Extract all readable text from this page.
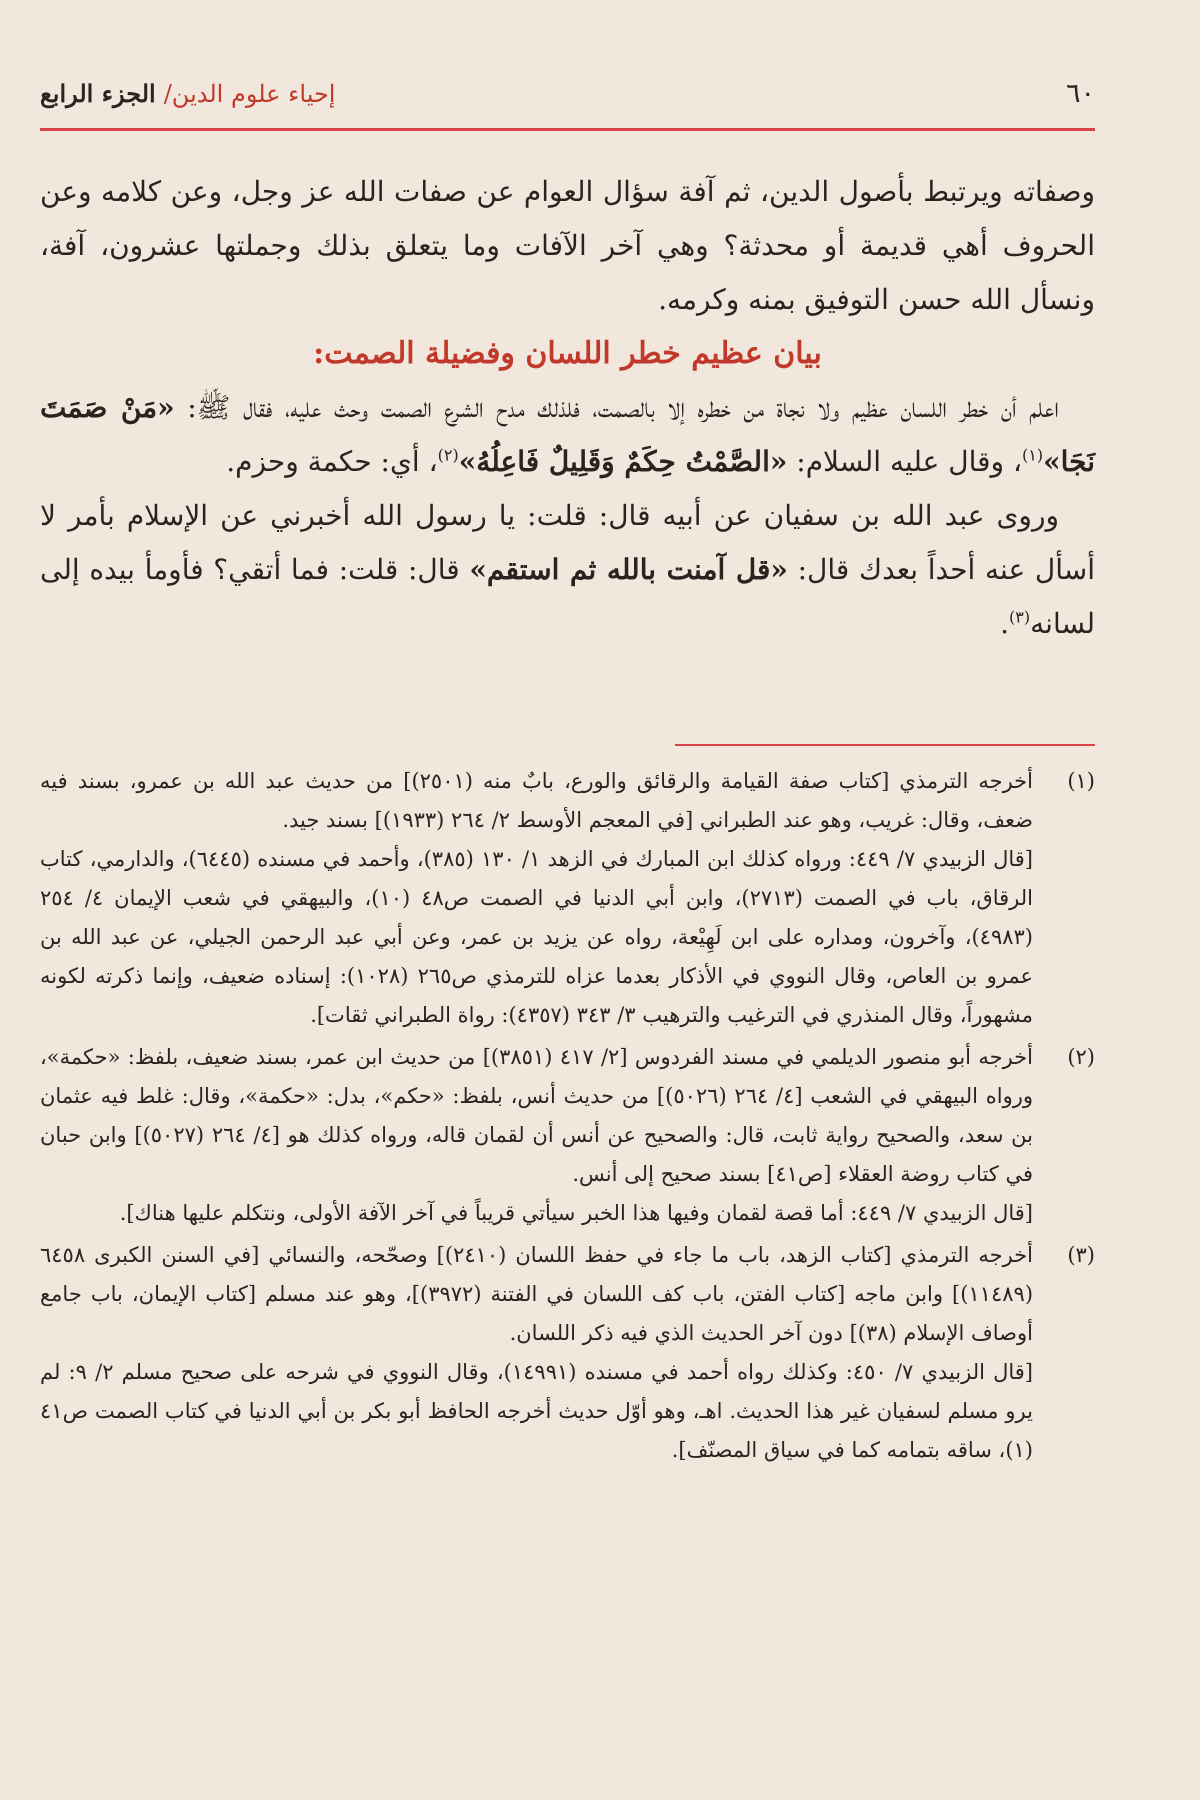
٦٠
إحياء علوم الدين/الجزء الرابع

وصفاته ويرتبط بأصول الدين، ثم آفة سؤال العوام عن صفات الله عز وجل، وعن كلامه وعن الحروف أهي قديمة أو محدثة؟ وهي آخر الآفات وما يتعلق بذلك وجملتها عشرون، آفة، ونسأل الله حسن التوفيق بمنه وكرمه.

بيان عظيم خطر اللسان وفضيلة الصمت:

اعلم أن خطر اللسان عظيم ولا نجاة من خطره إلا بالصمت، فلذلك مدح الشرع الصمت وحث عليه، فقال ﷺ: «مَنْ صَمَتَ نَجَا»$^{(١)}$، وقال عليه السلام: «الصَّمْتُ حِكَمٌ وَقَلِيلٌ فَاعِلُهُ»$^{(٢)}$، أي: حكمة وحزم.

وروى عبد الله بن سفيان عن أبيه قال: قلت: يا رسول الله أخبرني عن الإسلام بأمر لا أسأل عنه أحداً بعدك قال: «قل آمنت بالله ثم استقم» قال: قلت: فما أتقي؟ فأومأ بيده إلى لسانه$^{(٣)}$.

(١)

أخرجه الترمذي [كتاب صفة القيامة والرقائق والورع، بابٌ منه (٢٥٠١)] من حديث عبد الله بن عمرو، بسند فيه ضعف، وقال: غريب، وهو عند الطبراني [في المعجم الأوسط ٢/ ٢٦٤ (١٩٣٣)] بسند جيد.

[قال الزبيدي ٧/ ٤٤٩: ورواه كذلك ابن المبارك في الزهد ١/ ١٣٠ (٣٨٥)، وأحمد في مسنده (٦٤٤٥)، والدارمي، كتاب الرقاق، باب في الصمت (٢٧١٣)، وابن أبي الدنيا في الصمت ص٤٨ (١٠)، والبيهقي في شعب الإيمان ٤/ ٢٥٤ (٤٩٨٣)، وآخرون، ومداره على ابن لَهِيْعة، رواه عن يزيد بن عمر، وعن أبي عبد الرحمن الجيلي، عن عبد الله بن عمرو بن العاص، وقال النووي في الأذكار بعدما عزاه للترمذي ص٢٦٥ (١٠٢٨): إسناده ضعيف، وإنما ذكرته لكونه مشهوراً، وقال المنذري في الترغيب والترهيب ٣/ ٣٤٣ (٤٣٥٧): رواة الطبراني ثقات].

(٢)

أخرجه أبو منصور الديلمي في مسند الفردوس [٢/ ٤١٧ (٣٨٥١)] من حديث ابن عمر، بسند ضعيف، بلفظ: «حكمة»، ورواه البيهقي في الشعب [٤/ ٢٦٤ (٥٠٢٦)] من حديث أنس، بلفظ: «حكم»، بدل: «حكمة»، وقال: غلط فيه عثمان بن سعد، والصحيح رواية ثابت، قال: والصحيح عن أنس أن لقمان قاله، ورواه كذلك هو [٤/ ٢٦٤ (٥٠٢٧)] وابن حبان في كتاب روضة العقلاء [ص٤١] بسند صحيح إلى أنس.

[قال الزبيدي ٧/ ٤٤٩: أما قصة لقمان وفيها هذا الخبر سيأتي قريباً في آخر الآفة الأولى، ونتكلم عليها هناك].

(٣)

أخرجه الترمذي [كتاب الزهد، باب ما جاء في حفظ اللسان (٢٤١٠)] وصحّحه، والنسائي [في السنن الكبرى ٦٤٥٨ (١١٤٨٩)] وابن ماجه [كتاب الفتن، باب كف اللسان في الفتنة (٣٩٧٢)]، وهو عند مسلم [كتاب الإيمان، باب جامع أوصاف الإسلام (٣٨)] دون آخر الحديث الذي فيه ذكر اللسان.

[قال الزبيدي ٧/ ٤٥٠: وكذلك رواه أحمد في مسنده (١٤٩٩١)، وقال النووي في شرحه على صحيح مسلم ٢/ ٩: لم يرو مسلم لسفيان غير هذا الحديث. اهـ، وهو أوّل حديث أخرجه الحافظ أبو بكر بن أبي الدنيا في كتاب الصمت ص٤١ (١)، ساقه بتمامه كما في سياق المصنّف].
